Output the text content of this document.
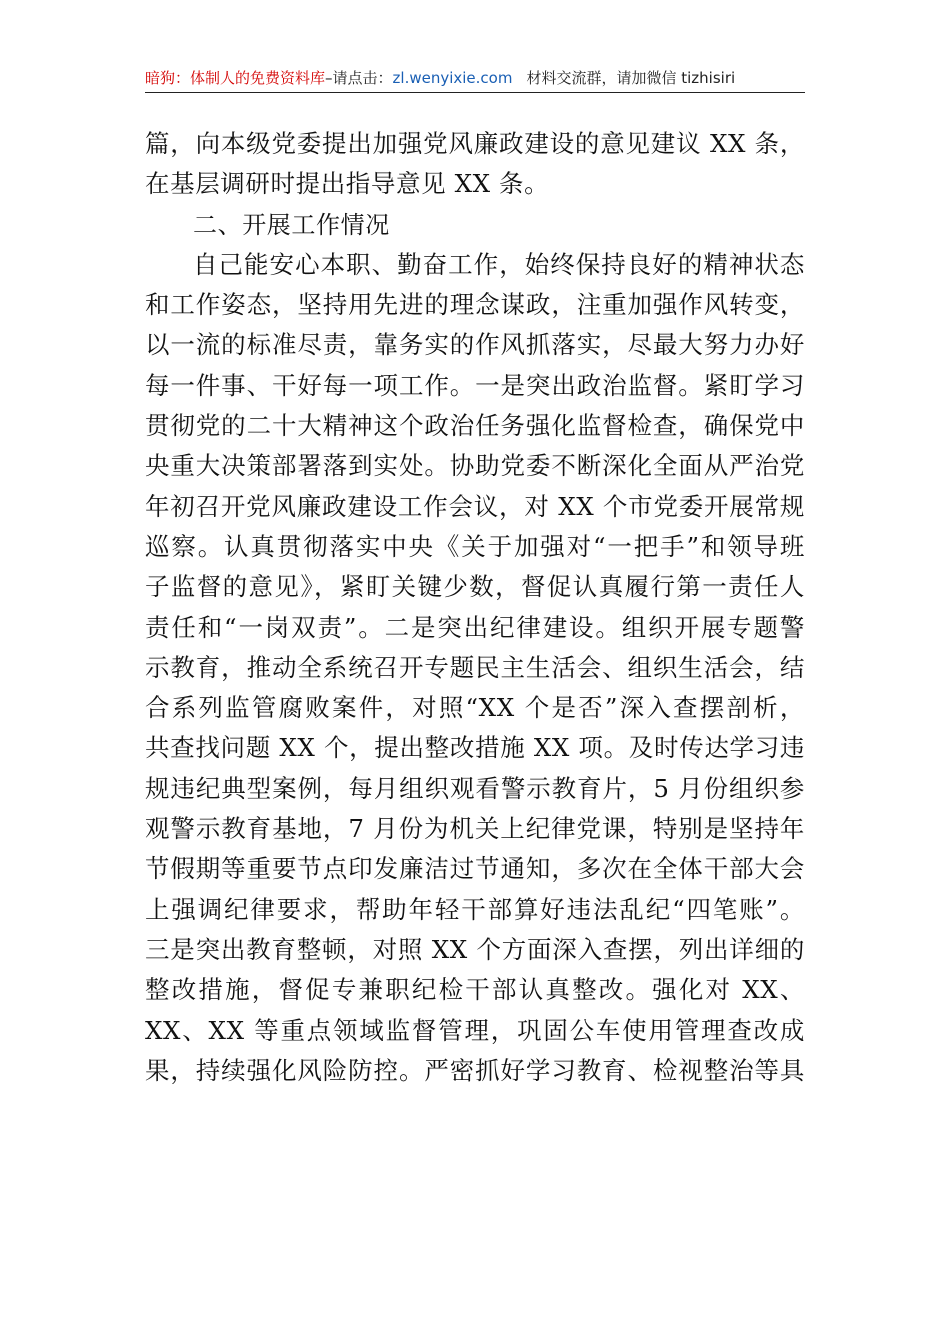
暗狗：体制人的免费资料库–请点击：zl.wenyixie.com 材料交流群，请加微信 tizhisiri
篇，向本级党委提出加强党风廉政建设的意见建议 XX 条，
在基层调研时提出指导意见 XX 条。
二、开展工作情况
自己能安心本职、勤奋工作，始终保持良好的精神状态
和工作姿态，坚持用先进的理念谋政，注重加强作风转变，
以一流的标准尽责，靠务实的作风抓落实，尽最大努力办好
每一件事、干好每一项工作。一是突出政治监督。紧盯学习
贯彻党的二十大精神这个政治任务强化监督检查，确保党中
央重大决策部署落到实处。协助党委不断深化全面从严治党
年初召开党风廉政建设工作会议，对 XX 个市党委开展常规
巡察。认真贯彻落实中央《关于加强对“一把手”和领导班
子监督的意见》，紧盯关键少数，督促认真履行第一责任人
责任和“一岗双责”。二是突出纪律建设。组织开展专题警
示教育，推动全系统召开专题民主生活会、组织生活会，结
合系列监管腐败案件，对照“XX 个是否”深入查摆剖析，
共查找问题 XX 个，提出整改措施 XX 项。及时传达学习违
规违纪典型案例，每月组织观看警示教育片，5 月份组织参
观警示教育基地，7 月份为机关上纪律党课，特别是坚持年
节假期等重要节点印发廉洁过节通知，多次在全体干部大会
上强调纪律要求，帮助年轻干部算好违法乱纪“四笔账”。
三是突出教育整顿，对照 XX 个方面深入查摆，列出详细的
整改措施，督促专兼职纪检干部认真整改。强化对 XX、
XX、XX 等重点领域监督管理，巩固公车使用管理查改成
果，持续强化风险防控。严密抓好学习教育、检视整治等具
